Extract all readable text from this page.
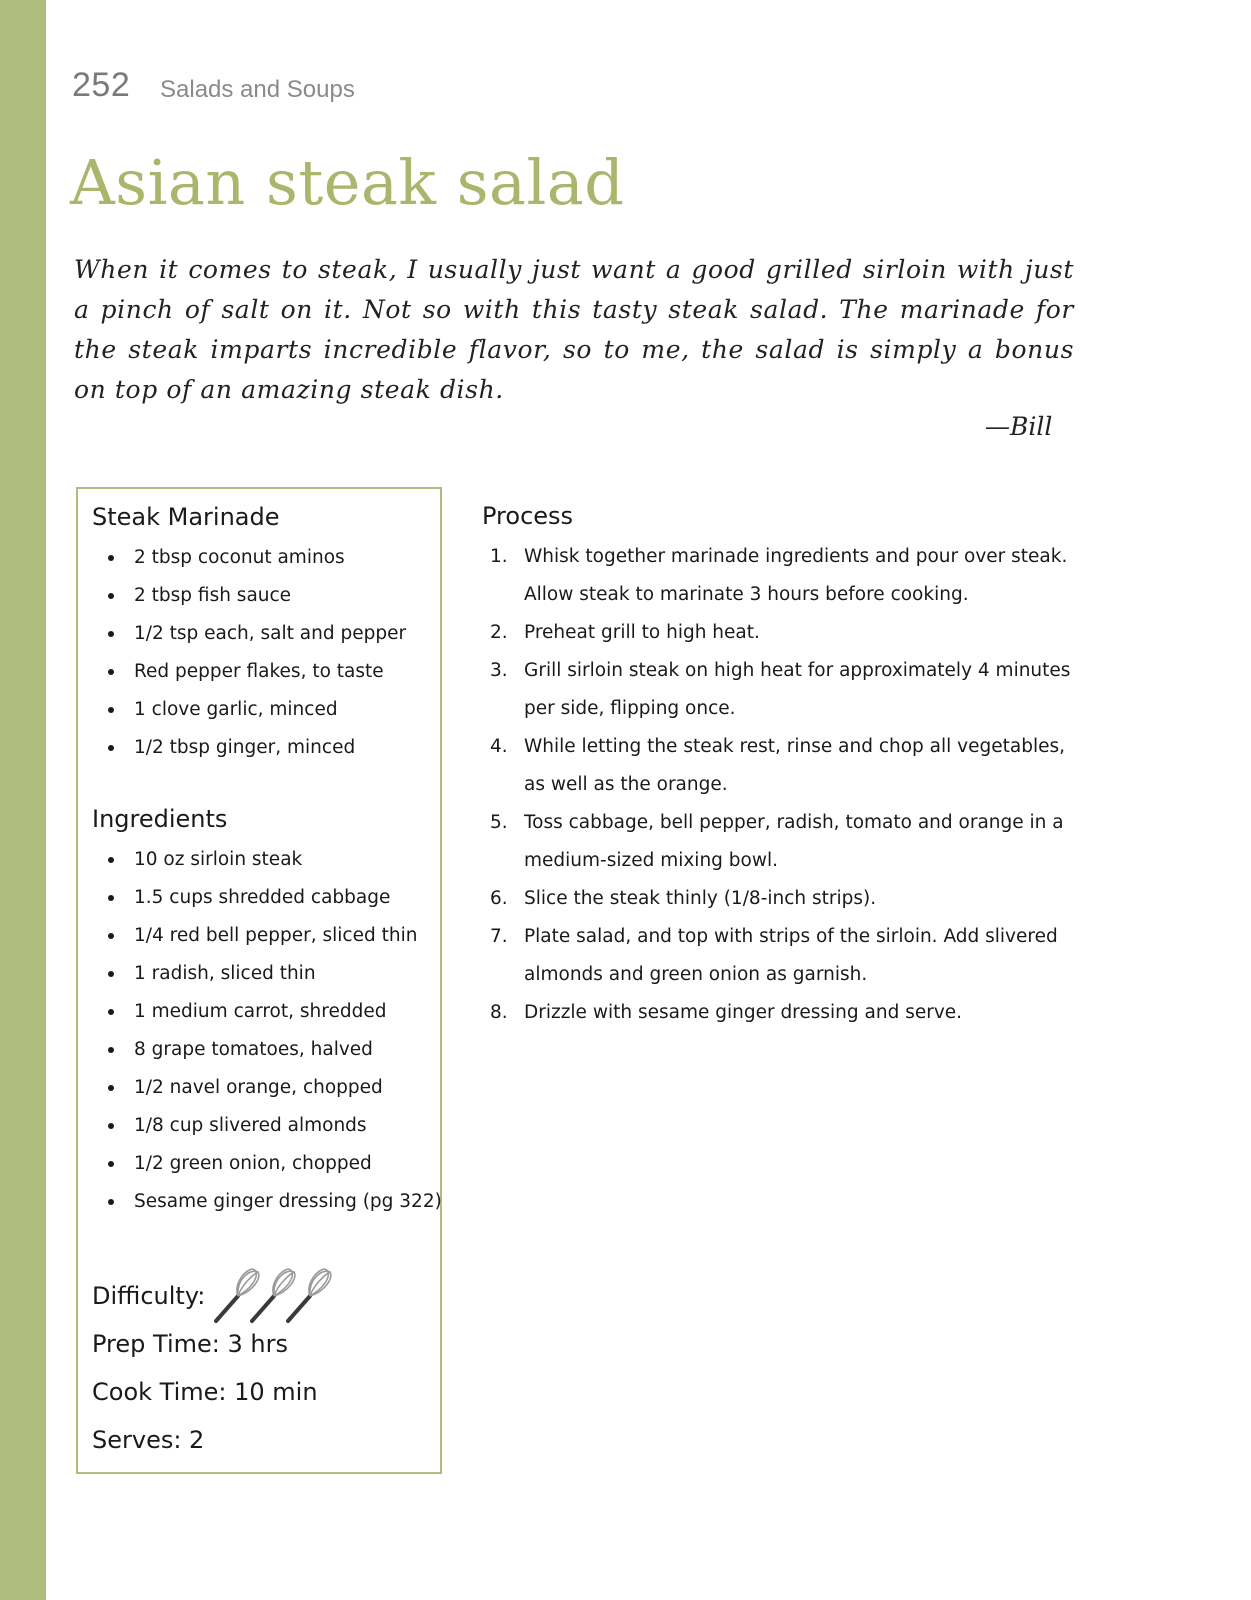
252 Salads and Soups
Asian steak salad

When it comes to steak, I usually just want a good grilled sirloin with just a pinch of salt on it. Not so with this tasty steak salad. The marinade for the steak imparts incredible flavor, so to me, the salad is simply a bonus on top of an amazing steak dish.

—Bill
Steak Marinade
2 tbsp coconut aminos
2 tbsp fish sauce
1/2 tsp each, salt and pepper
Red pepper flakes, to taste
1 clove garlic, minced
1/2 tbsp ginger, minced
Ingredients
10 oz sirloin steak
1.5 cups shredded cabbage
1/4 red bell pepper, sliced thin
1 radish, sliced thin
1 medium carrot, shredded
8 grape tomatoes, halved
1/2 navel orange, chopped
1/8 cup slivered almonds
1/2 green onion, chopped
Sesame ginger dressing (pg 322)
Difficulty:
Prep Time: 3 hrs
Cook Time: 10 min
Serves: 2
Process
1. Whisk together marinade ingredients and pour over steak. Allow steak to marinate 3 hours before cooking.
2. Preheat grill to high heat.
3. Grill sirloin steak on high heat for approximately 4 minutes per side, flipping once.
4. While letting the steak rest, rinse and chop all vegetables, as well as the orange.
5. Toss cabbage, bell pepper, radish, tomato and orange in a medium-sized mixing bowl.
6. Slice the steak thinly (1/8-inch strips).
7. Plate salad, and top with strips of the sirloin. Add slivered almonds and green onion as garnish.
8. Drizzle with sesame ginger dressing and serve.
